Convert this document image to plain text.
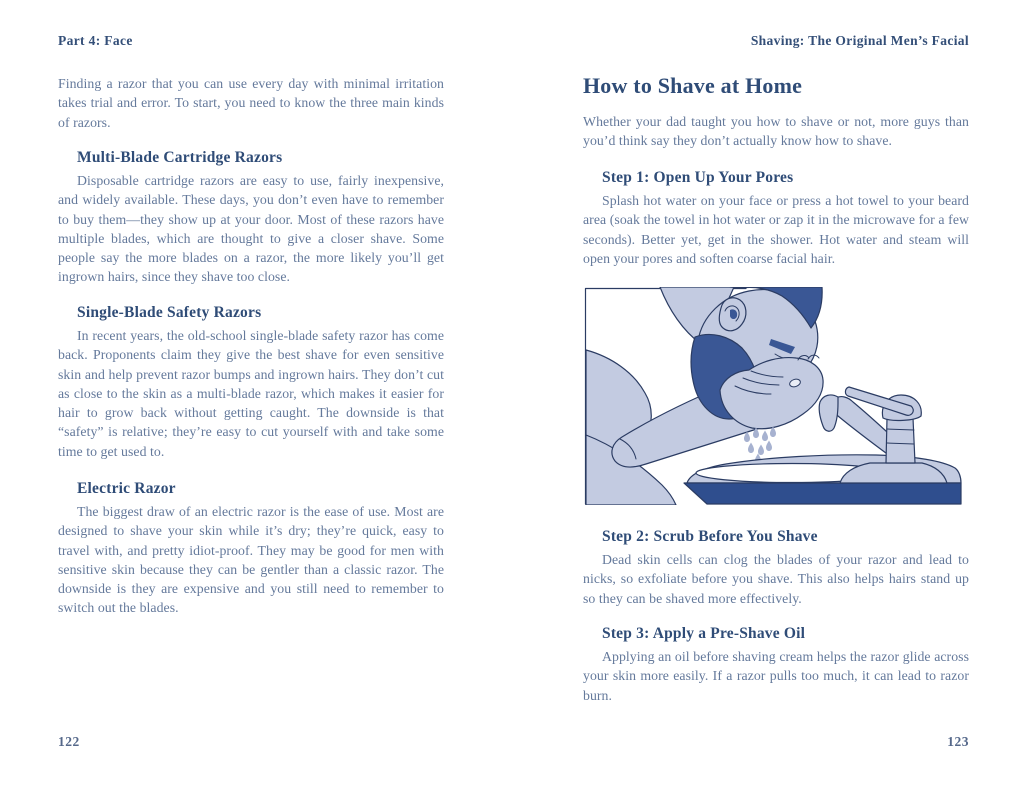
Part 4: Face

Finding a razor that you can use every day with minimal irritation takes trial and error. To start, you need to know the three main kinds of razors.

Multi-Blade Cartridge Razors

Disposable cartridge razors are easy to use, fairly inexpensive, and widely available. These days, you don’t even have to remember to buy them—they show up at your door. Most of these razors have multiple blades, which are thought to give a closer shave. Some people say the more blades on a razor, the more likely you’ll get ingrown hairs, since they shave too close.

Single-Blade Safety Razors

In recent years, the old-school single-blade safety razor has come back. Proponents claim they give the best shave for even sensitive skin and help prevent razor bumps and ingrown hairs. They don’t cut as close to the skin as a multi-blade razor, which makes it easier for hair to grow back without getting caught. The downside is that “safety” is relative; they’re easy to cut yourself with and take some time to get used to.

Electric Razor

The biggest draw of an electric razor is the ease of use. Most are designed to shave your skin while it’s dry; they’re quick, easy to travel with, and pretty idiot-proof. They may be good for men with sensitive skin because they can be gentler than a classic razor. The downside is they are expensive and you still need to remember to switch out the blades.

122
Shaving: The Original Men’s Facial
How to Shave at Home

Whether your dad taught you how to shave or not, more guys than you’d think say they don’t actually know how to shave.

Step 1: Open Up Your Pores

Splash hot water on your face or press a hot towel to your beard area (soak the towel in hot water or zap it in the microwave for a few seconds). Better yet, get in the shower. Hot water and steam will open your pores and soften coarse facial hair.

Step 2: Scrub Before You Shave

Dead skin cells can clog the blades of your razor and lead to nicks, so exfoliate before you shave. This also helps hairs stand up so they can be shaved more effectively.

Step 3: Apply a Pre-Shave Oil

Applying an oil before shaving cream helps the razor glide across your skin more easily. If a razor pulls too much, it can lead to razor burn.

123
